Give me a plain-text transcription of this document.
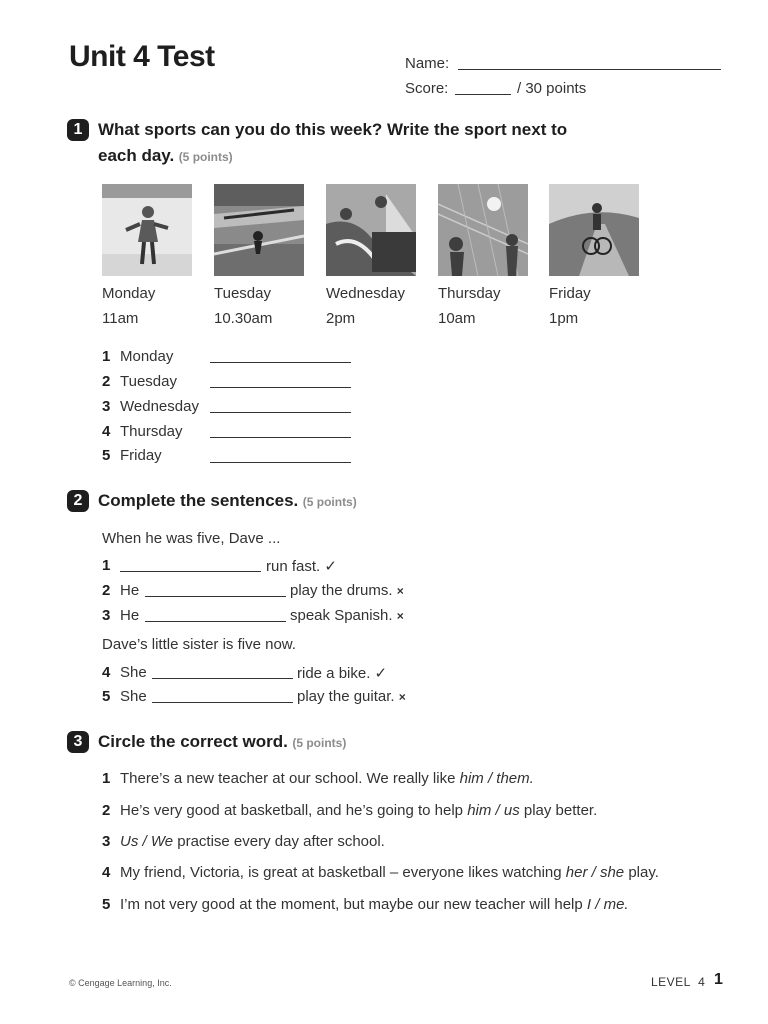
Unit 4 Test	Name:
Score:	/ 30 points
1 What sports can you do this week? Write the sport next to
each day. (5 points)
Monday	Tuesday	Wednesday Thursday	Friday
11am	10.30am	2pm	10am	1pm
1 Monday
2 Tuesday
3 Wednesday
4 Thursday
5 Friday
2 Complete the sentences. (5 points)
When he was five, Dave ...
1	run fast. ✓
2 He	play the drums. ×
3 He	speak Spanish. ×
Dave’s little sister is five now.
4 She	ride a bike. ✓
5 She	play the guitar. ×
3 Circle the correct word. (5 points)
1 There’s a new teacher at our school. We really like him / them.
2 He’s very good at basketball, and he’s going to help him / us play better.
3 Us / We practise every day after school.
4 My friend, Victoria, is great at basketball – everyone likes watching her / she play.
5 I’m not very good at the moment, but maybe our new teacher will help I / me.
© Cengage Learning, Inc.	LEVEL  4 1
